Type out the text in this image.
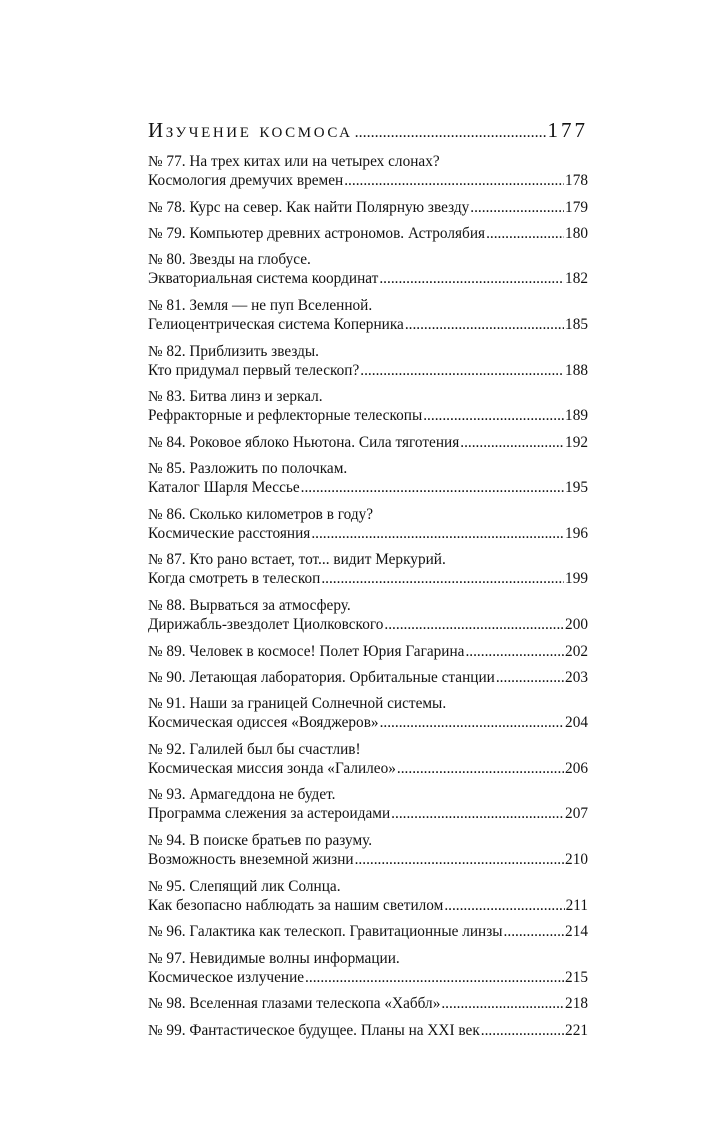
Изучение космоса .....	177
№ 77. На трех китах или на четырех слонах?
Космология дремучих времен .....	178
№ 78. Курс на север. Как найти Полярную звезду .....	179
№ 79. Компьютер древних астрономов. Астролябия .....	180
№ 80. Звезды на глобусе.
Экваториальная система координат .....	182
№ 81. Земля — не пуп Вселенной.
Гелиоцентрическая система Коперника .....	185
№ 82. Приблизить звезды.
Кто придумал первый телескоп? .....	188
№ 83. Битва линз и зеркал.
Рефракторные и рефлекторные телескопы .....	189
№ 84. Роковое яблоко Ньютона. Сила тяготения .....	192
№ 85. Разложить по полочкам.
Каталог Шарля Мессье .....	195
№ 86. Сколько километров в году?
Космические расстояния .....	196
№ 87. Кто рано встает, тот... видит Меркурий.
Когда смотреть в телескоп .....	199
№ 88. Вырваться за атмосферу.
Дирижабль-звездолет Циолковского .....	200
№ 89. Человек в космосе! Полет Юрия Гагарина .....	202
№ 90. Летающая лаборатория. Орбитальные станции .....	203
№ 91. Наши за границей Солнечной системы.
Космическая одиссея «Вояджеров» .....	204
№ 92. Галилей был бы счастлив!
Космическая миссия зонда «Галилео» .....	206
№ 93. Армагеддона не будет.
Программа слежения за астероидами .....	207
№ 94. В поиске братьев по разуму.
Возможность внеземной жизни .....	210
№ 95. Слепящий лик Солнца.
Как безопасно наблюдать за нашим светилом .....	211
№ 96. Галактика как телескоп. Гравитационные линзы .....	214
№ 97. Невидимые волны информации.
Космическое излучение .....	215
№ 98. Вселенная глазами телескопа «Хаббл» .....	218
№ 99. Фантастическое будущее. Планы на XXI век .....	221
